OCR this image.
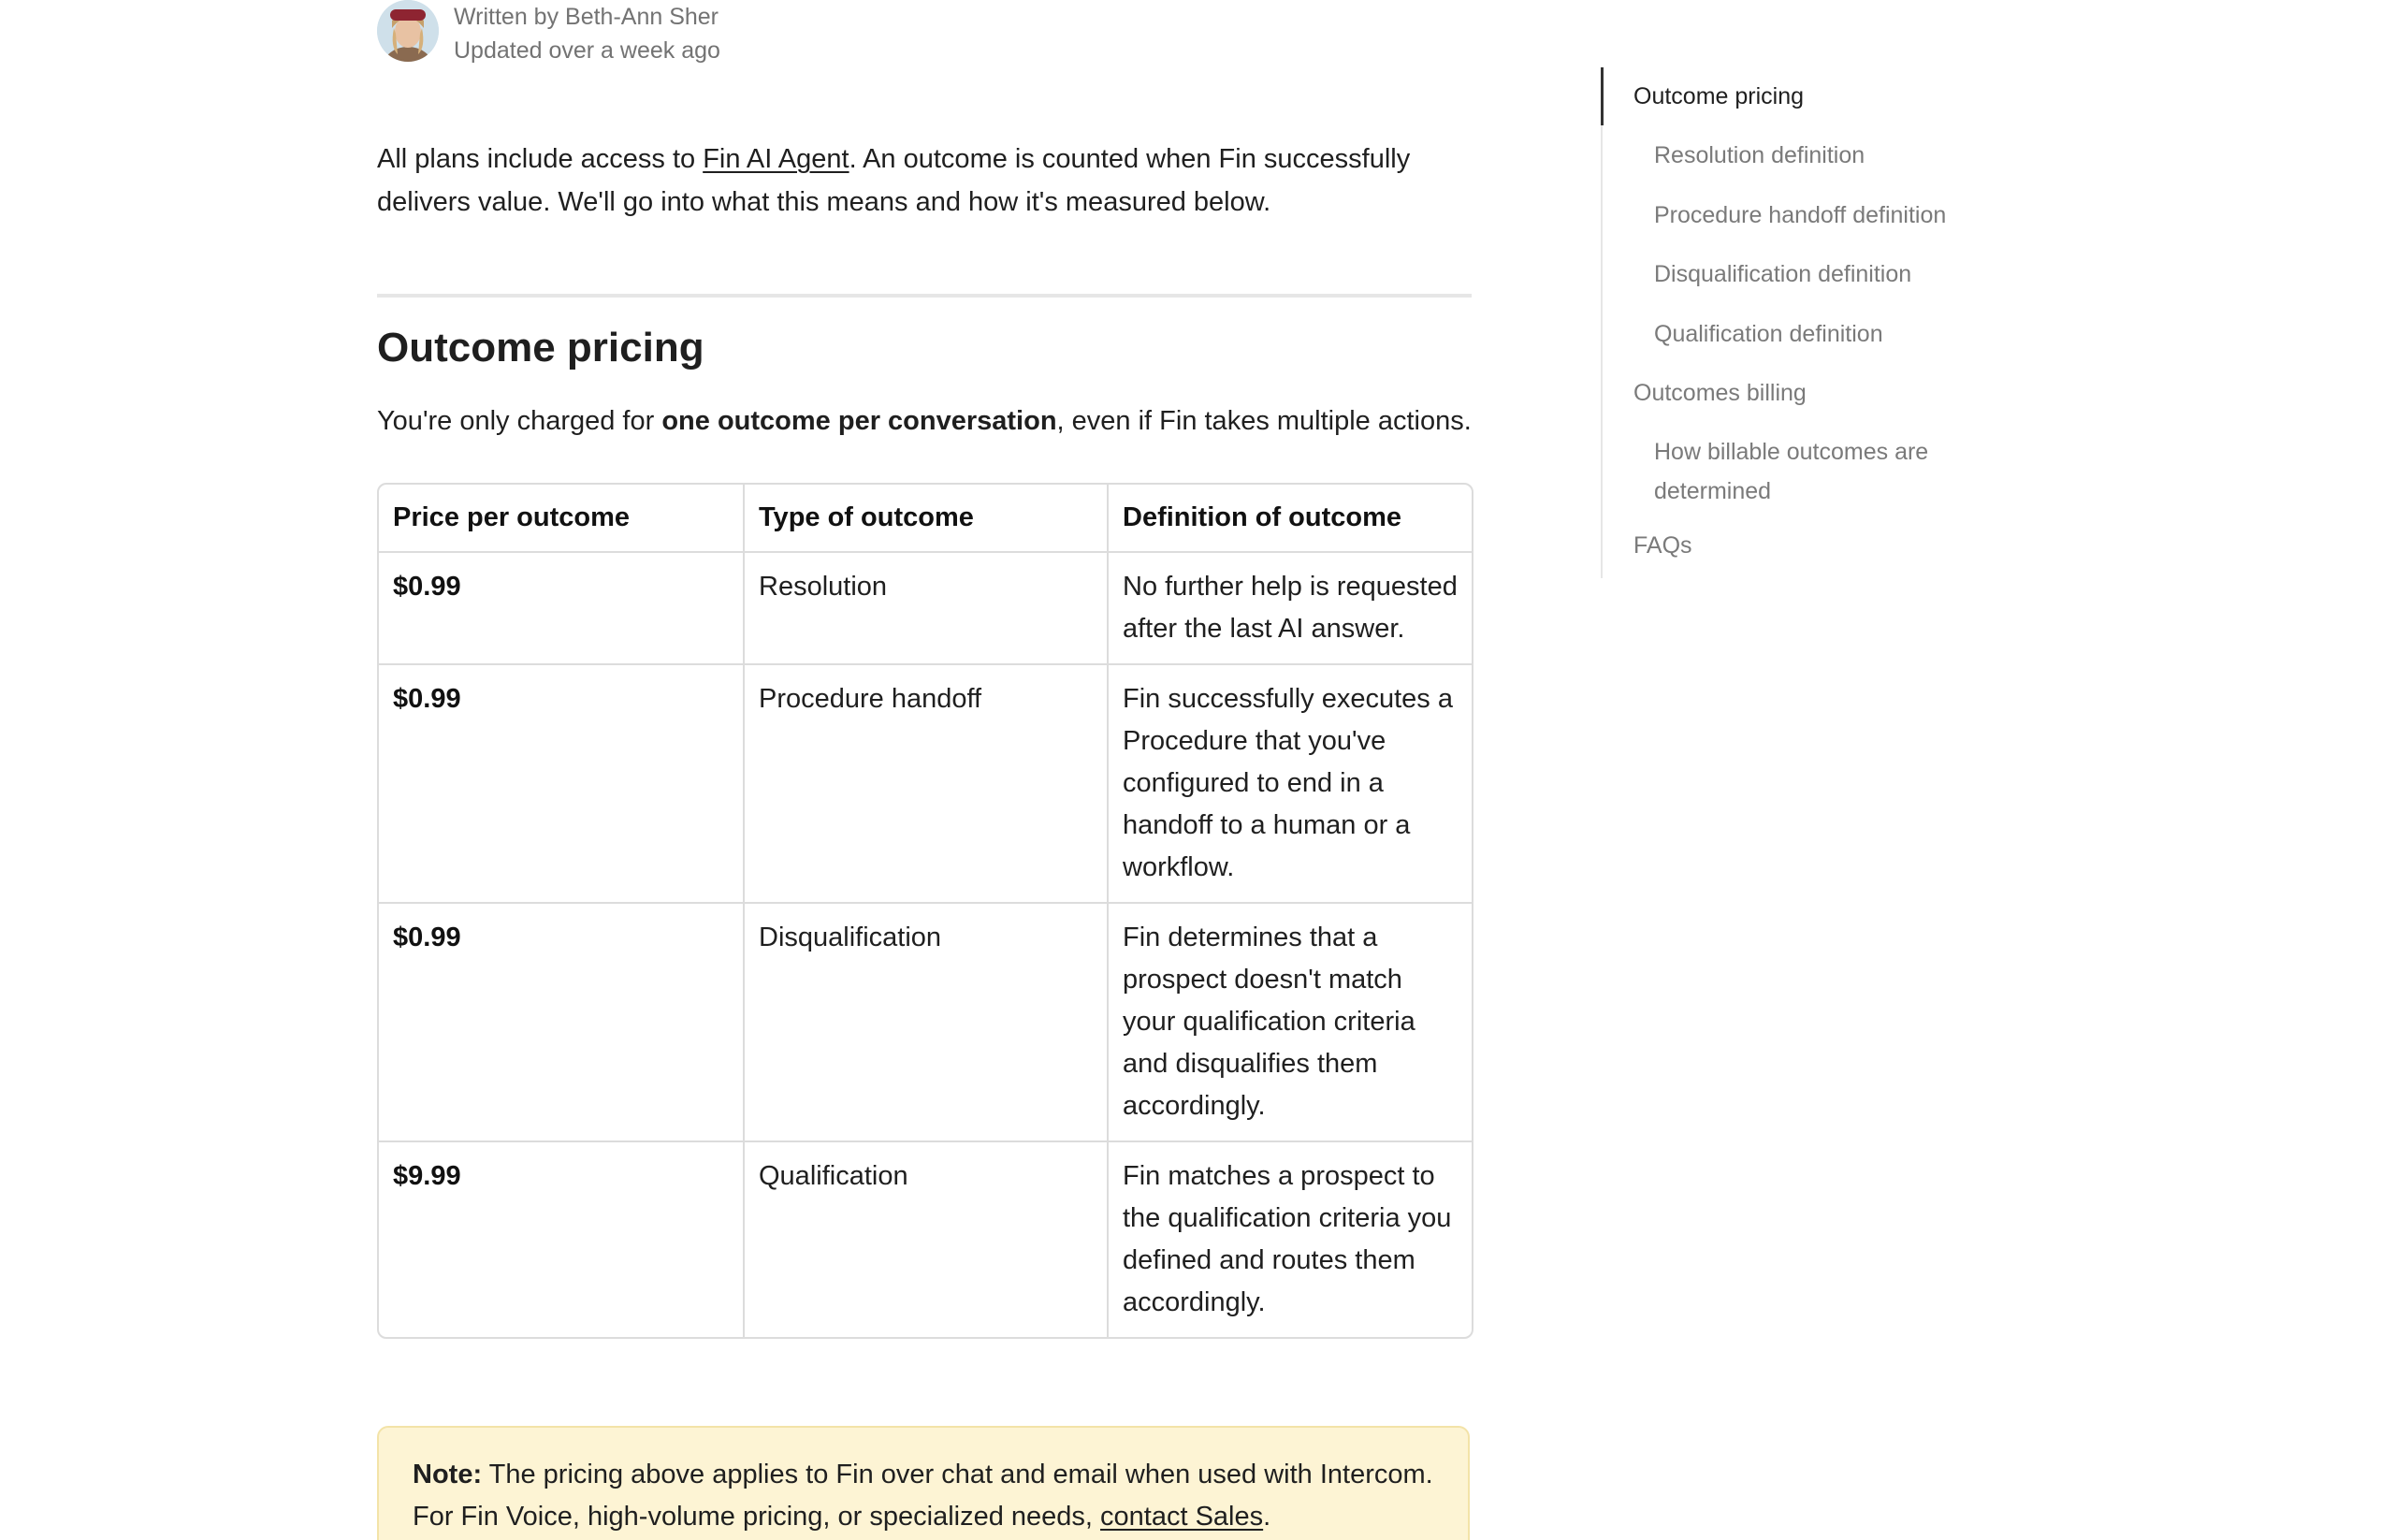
Written by Beth-Ann Sher
Updated over a week ago
All plans include access to Fin AI Agent. An outcome is counted when Fin successfully delivers value. We'll go into what this means and how it's measured below.
Outcome pricing
You're only charged for one outcome per conversation, even if Fin takes multiple actions.
Price per outcome	Type of outcome	Definition of outcome
$0.99	Resolution	No further help is requested after the last AI answer.
$0.99	Procedure handoff	Fin successfully executes a Procedure that you've configured to end in a handoff to a human or a workflow.
$0.99	Disqualification	Fin determines that a prospect doesn't match your qualification criteria and disqualifies them accordingly.
$9.99	Qualification	Fin matches a prospect to the qualification criteria you defined and routes them accordingly.
Note: The pricing above applies to Fin over chat and email when used with Intercom. For Fin Voice, high-volume pricing, or specialized needs, contact Sales.
Outcome pricing
Resolution definition
Procedure handoff definition
Disqualification definition
Qualification definition
Outcomes billing
How billable outcomes are determined
FAQs
